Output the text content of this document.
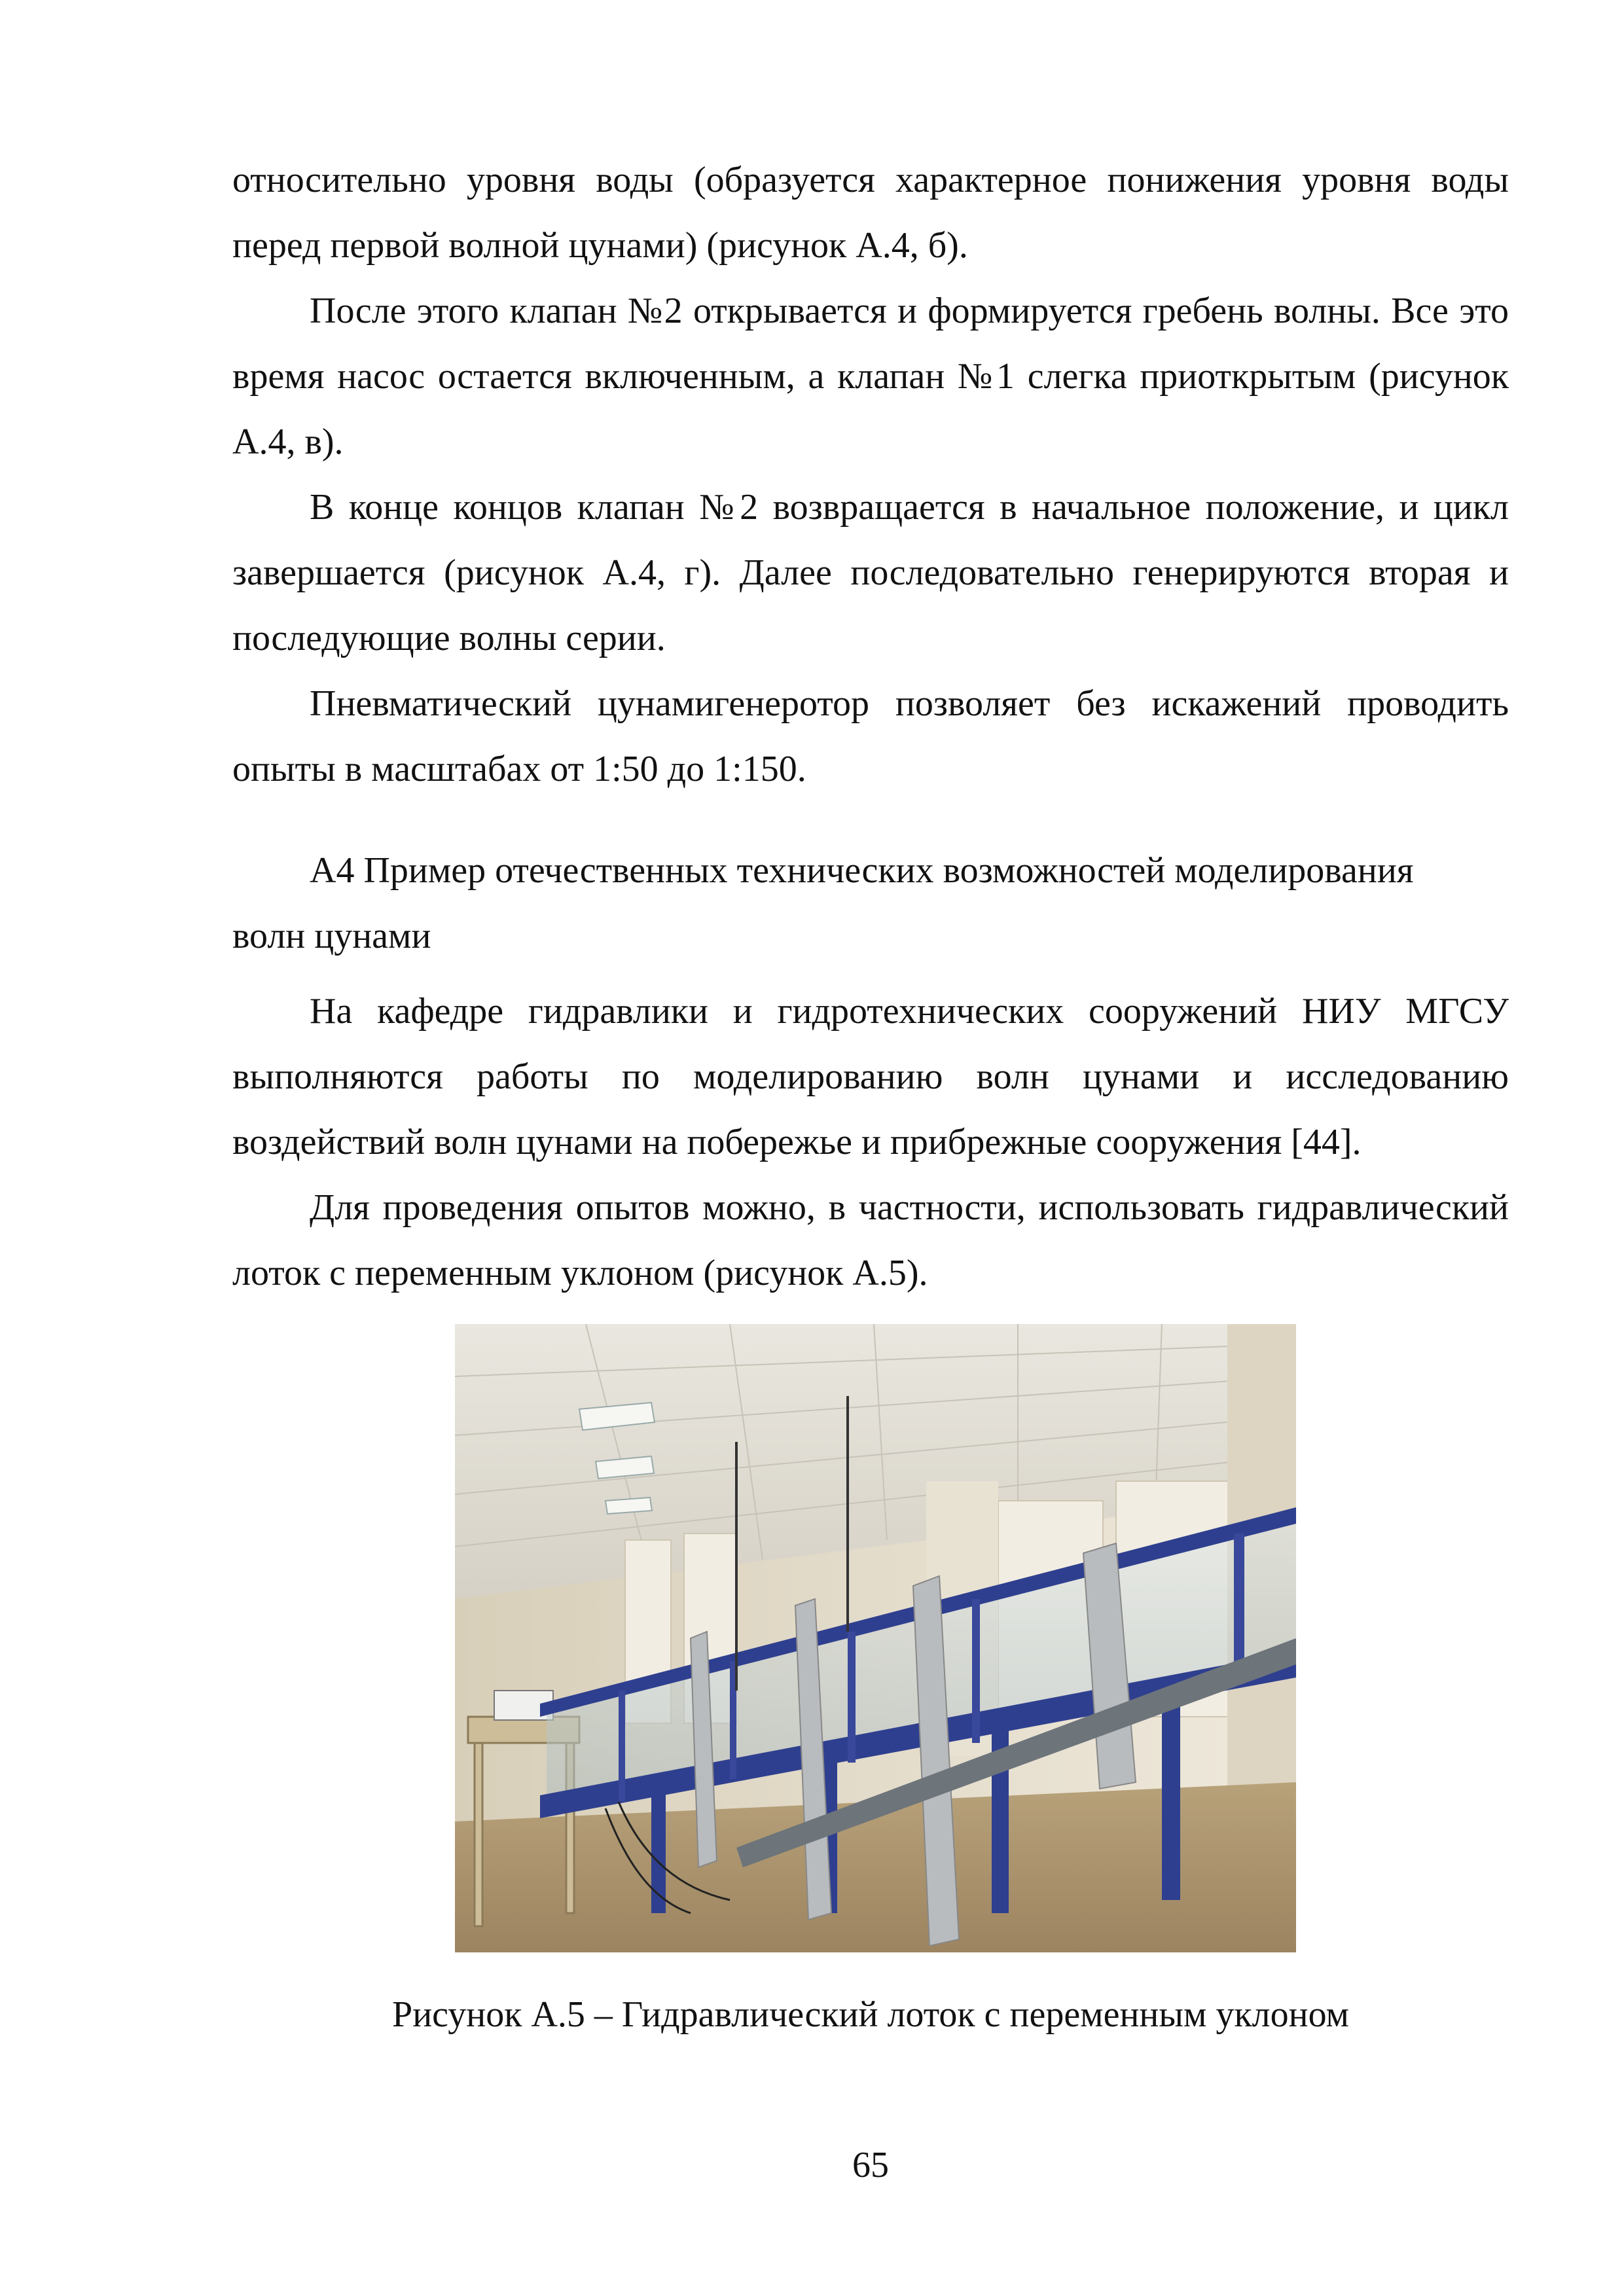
относительно уровня воды (образуется характерное понижения уровня воды перед первой волной цунами) (рисунок А.4, б).

После этого клапан №2 открывается и формируется гребень волны. Все это время насос остается включенным, а клапан №1 слегка приоткрытым (рисунок А.4, в).

В конце концов клапан №2 возвращается в начальное положение, и цикл завершается (рисунок А.4, г). Далее последовательно генерируются вторая и последующие волны серии.

Пневматический цунамигенеротор позволяет без искажений проводить опыты в масштабах от 1:50 до 1:150.

А4 Пример отечественных технических возможностей моделирования
волн цунами

На кафедре гидравлики и гидротехнических сооружений НИУ МГСУ выполняются работы по моделированию волн цунами и исследованию воздействий волн цунами на побережье и прибрежные сооружения [44].

Для проведения опытов можно, в частности, использовать гидравлический лоток с переменным уклоном (рисунок А.5).

Рисунок А.5 – Гидравлический лоток с переменным уклоном

65
